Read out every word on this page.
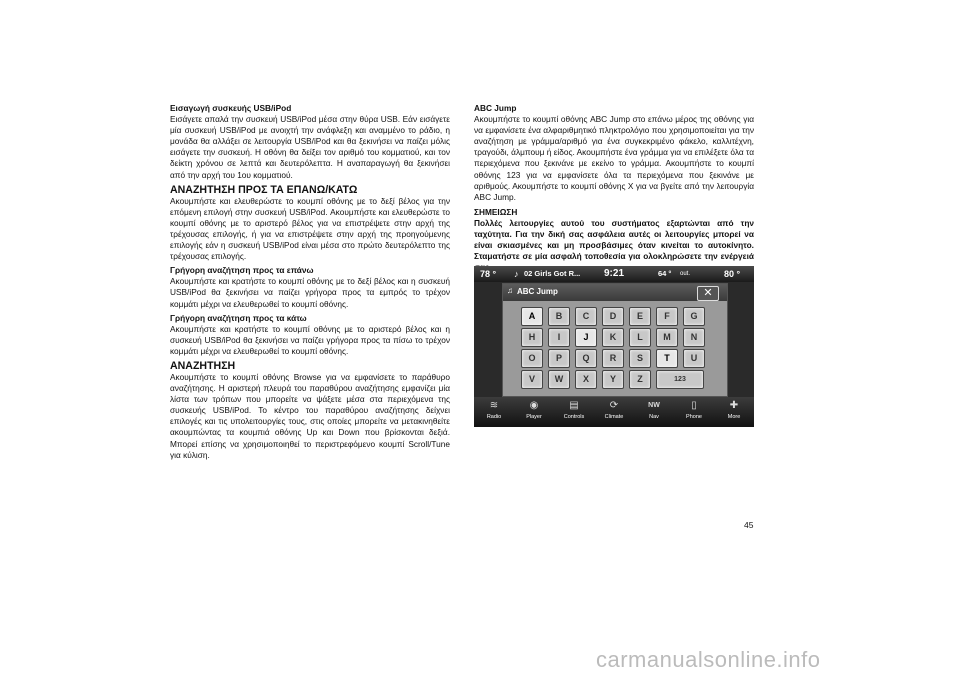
Εισαγωγή συσκευής USB/iPod

Εισάγετε απαλά την συσκευή USB/iPod μέσα στην θύρα USB. Εάν εισάγετε μία συσκευή USB/iPod με ανοιχτή την ανάφλεξη και αναμμένο το ράδιο, η μονάδα θα αλλάξει σε λειτουργία USB/iPod και θα ξεκινήσει να παίζει μόλις εισάγετε την συσκευή. Η οθόνη θα δείξει τον αριθμό του κομματιού, και τον δείκτη χρόνου σε λεπτά και δευτερόλεπτα. Η αναπαραγωγή θα ξεκινήσει από την αρχή του 1ου κομματιού.

ΑΝΑΖΗΤΗΣΗ ΠΡΟΣ ΤΑ ΕΠΑΝΩ/ΚΑΤΩ

Ακουμπήστε και ελευθερώστε το κουμπί οθόνης με το δεξί βέλος για την επόμενη επιλογή στην συσκευή USB/iPod. Ακουμπήστε και ελευθερώστε το κουμπί οθόνης με το αριστερό βέλος για να επιστρέψετε στην αρχή της τρέχουσας επιλογής, ή για να επιστρέψετε στην αρχή της προηγούμενης επιλογής εάν η συσκευή USB/iPod είναι μέσα στο πρώτο δευτερόλεπτο της τρέχουσας επιλογής.

Γρήγορη αναζήτηση προς τα επάνω

Ακουμπήστε και κρατήστε το κουμπί οθόνης με το δεξί βέλος και η συσκευή USB/iPod θα ξεκινήσει να παίζει γρήγορα προς τα εμπρός το τρέχον κομμάτι μέχρι να ελευθερωθεί το κουμπί οθόνης.

Γρήγορη αναζήτηση προς τα κάτω

Ακουμπήστε και κρατήστε το κουμπί οθόνης με το αριστερό βέλος και η συσκευή USB/iPod θα ξεκινήσει να παίζει γρήγορα προς τα πίσω το τρέχον κομμάτι μέχρι να ελευθερωθεί το κουμπί οθόνης.

ΑΝΑΖΗΤΗΣΗ

Ακουμπήστε το κουμπί οθόνης Browse για να εμφανίσετε το παράθυρο αναζήτησης. Η αριστερή πλευρά του παραθύρου αναζήτησης εμφανίζει μία λίστα των τρόπων που μπορείτε να ψάξετε μέσα στα περιεχόμενα της συσκευής USB/iPod. Το κέντρο του παραθύρου αναζήτησης δείχνει επιλογές και τις υπολειτουργίες τους, στις οποίες μπορείτε να μετακινηθείτε ακουμπώντας τα κουμπιά οθόνης Up και Down που βρίσκονται δεξιά. Μπορεί επίσης να χρησιμοποιηθεί το περιστρεφόμενο κουμπί Scroll/Tune για κύλιση.

ABC Jump

Ακουμπήστε το κουμπί οθόνης ABC Jump στο επάνω μέρος της οθόνης για να εμφανίσετε ένα αλφαριθμητικό πληκτρολόγιο που χρησιμοποιείται για την αναζήτηση με γράμμα/αριθμό για ένα συγκεκριμένο φάκελο, καλλιτέχνη, τραγούδι, άλμπουμ ή είδος. Ακουμπήστε ένα γράμμα για να επιλέξετε όλα τα περιεχόμενα που ξεκινάνε με εκείνο το γράμμα. Ακουμπήστε το κουμπί οθόνης 123 για να εμφανίσετε όλα τα περιεχόμενα που ξεκινάνε με αριθμούς. Ακουμπήστε το κουμπί οθόνης X για να βγείτε από την λειτουργία ABC Jump.

ΣΗΜΕΙΩΣΗ

Πολλές λειτουργίες αυτού του συστήματος εξαρτώνται από την ταχύτητα. Για την δική σας ασφάλεια αυτές οι λειτουργίες μπορεί να είναι σκιασμένες και μη προσβάσιμες όταν κινείται το αυτοκίνητο. Σταματήστε σε μία ασφαλή τοποθεσία για ολοκληρώσετε την ενέργειά

78 ° ♪ 02 Girls Got R... 9:21	64 ° out.	80 °
♫ ABC Jump	✕
A	B	C	D	E	F	G
H	I	J	K	L	M	N
O	P	Q	R	S	T	U
V	W	X	Y	Z	123
≋
Radio
◉
Player
▤
Controls
⟳
Climate
NW
Nav
▯
Phone
✚
More
45
carmanualsonline.info
